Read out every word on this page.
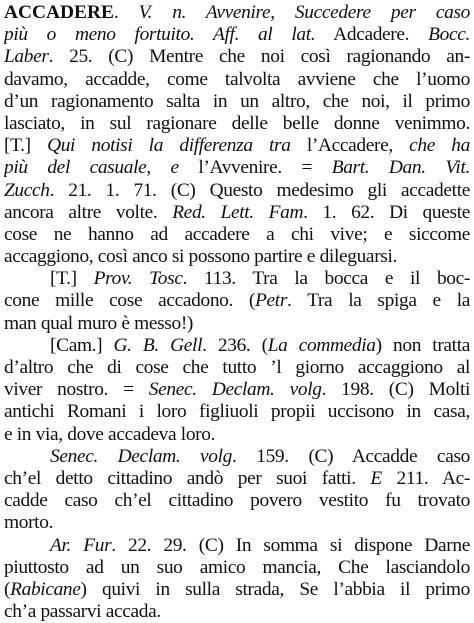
ACCADERE. V. n. Avvenire, Succedere per caso
più o meno fortuito. Aff. al lat. Adcadere. Bocc.
Laber. 25. (C) Mentre che noi così ragionando an-
davamo, accadde, come talvolta avviene che l’uomo
d’un ragionamento salta in un altro, che noi, il primo
lasciato, in sul ragionare delle belle donne venimmo.
[T.] Qui notisi la differenza tra l’Accadere, che ha
più del casuale, e l’Avvenire. = Bart. Dan. Vit.
Zucch. 21. 1. 71. (C) Questo medesimo gli accadette
ancora altre volte. Red. Lett. Fam. 1. 62. Di queste
cose ne hanno ad accadere a chi vive; e siccome
accaggiono, così anco si possono partire e dileguarsi.
[T.] Prov. Tosc. 113. Tra la bocca e il boc-
cone mille cose accadono. (Petr. Tra la spiga e la
man qual muro è messo!)
[Cam.] G. B. Gell. 236. (La commedia) non tratta
d’altro che di cose che tutto ’l giorno accaggiono al
viver nostro. = Senec. Declam. volg. 198. (C) Molti
antichi Romani i loro figliuoli propii uccisono in casa,
e in via, dove accadeva loro.
Senec. Declam. volg. 159. (C) Accadde caso
ch’el detto cittadino andò per suoi fatti. E 211. Ac-
cadde caso ch’el cittadino povero vestito fu trovato
morto.
Ar. Fur. 22. 29. (C) In somma si dispone Darne
piuttosto ad un suo amico mancia, Che lasciandolo
(Rabicane) quivi in sulla strada, Se l’abbia il primo
ch’a passarvi accada.
